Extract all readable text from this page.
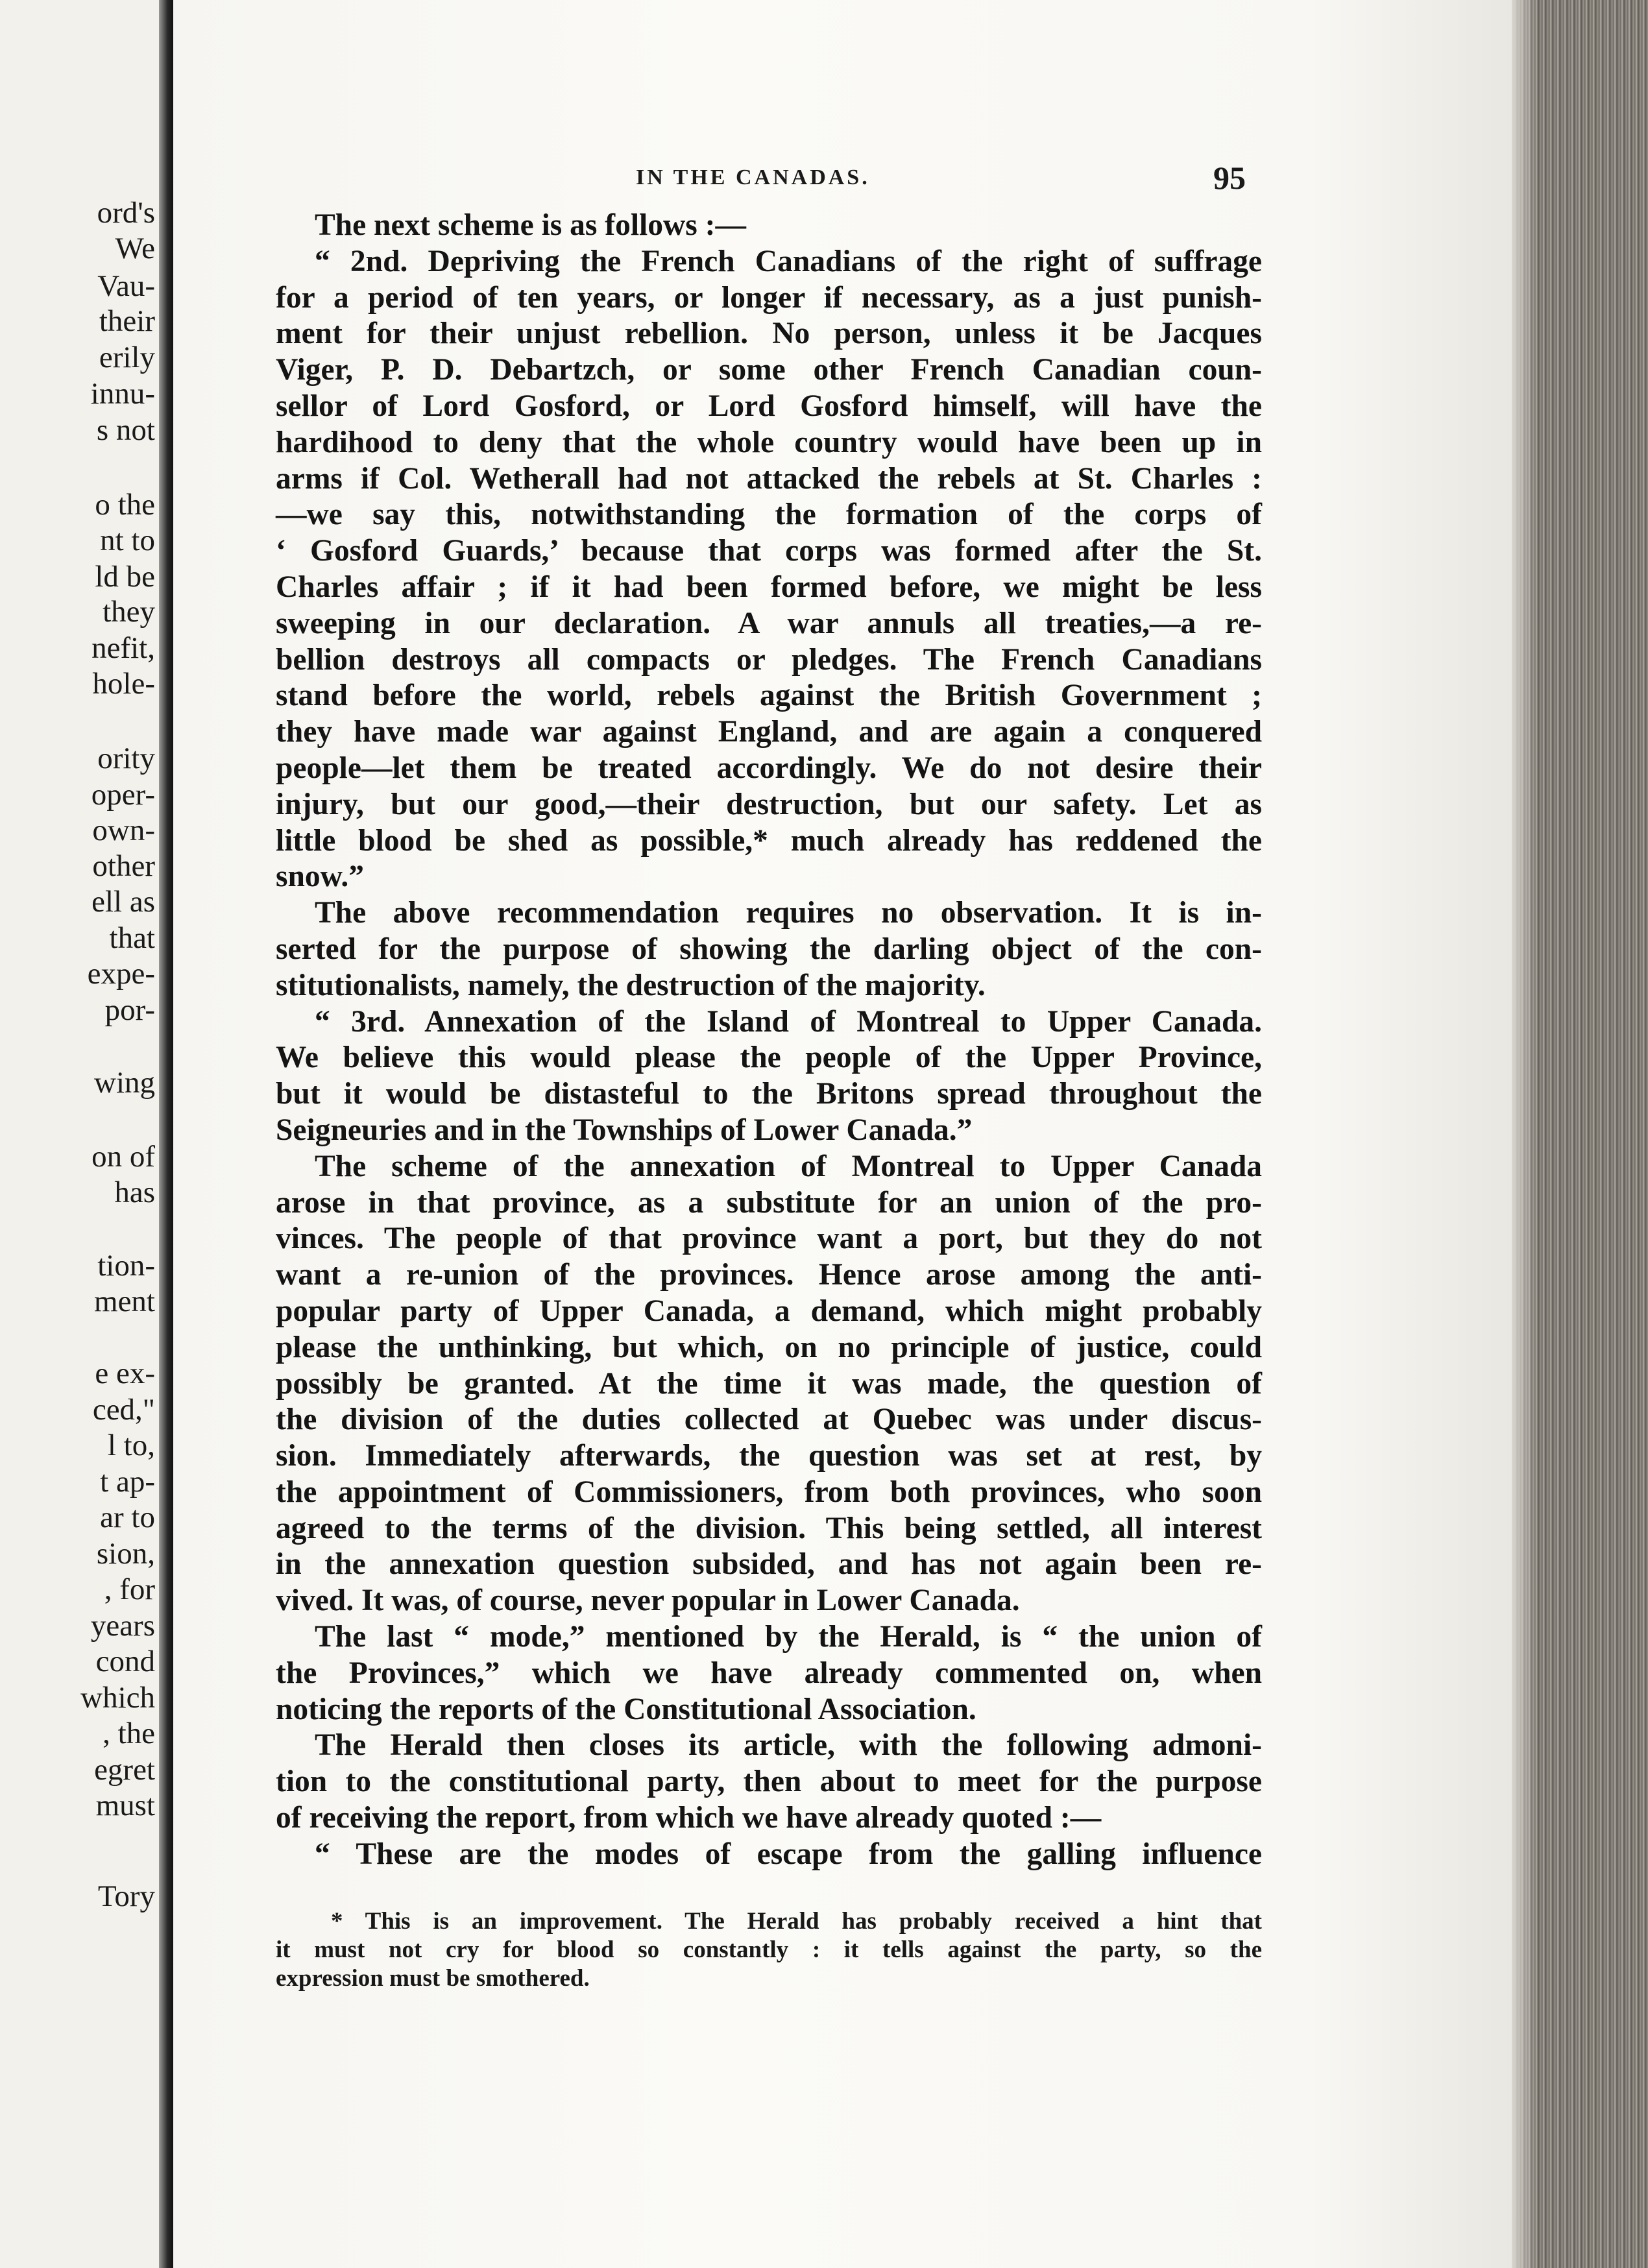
ord's
We
Vau-
their
erily
innu-
s not
o the
nt to
ld be
they
nefit,
hole-
ority
oper-
own-
other
ell as
that
expe-
por-
wing
on of
has
tion-
ment
e ex-
ced,"
l to,
t ap-
ar to
sion,
, for
years
cond
which
, the
egret
must
Tory
IN THE CANADAS.	95
The next scheme is as follows :—
“ 2nd. Depriving the French Canadians of the right of suffrage
for a period of ten years, or longer if necessary, as a just punish-
ment for their unjust rebellion. No person, unless it be Jacques
Viger, P. D. Debartzch, or some other French Canadian coun-
sellor of Lord Gosford, or Lord Gosford himself, will have the
hardihood to deny that the whole country would have been up in
arms if Col. Wetherall had not attacked the rebels at St. Charles :
—we say this, notwithstanding the formation of the corps of
‘ Gosford Guards,’ because that corps was formed after the St.
Charles affair ; if it had been formed before, we might be less
sweeping in our declaration. A war annuls all treaties,—a re-
bellion destroys all compacts or pledges. The French Canadians
stand before the world, rebels against the British Government ;
they have made war against England, and are again a conquered
people—let them be treated accordingly. We do not desire their
injury, but our good,—their destruction, but our safety. Let as
little blood be shed as possible,* much already has reddened the
snow.”
The above recommendation requires no observation. It is in-
serted for the purpose of showing the darling object of the con-
stitutionalists, namely, the destruction of the majority.
“ 3rd. Annexation of the Island of Montreal to Upper Canada.
We believe this would please the people of the Upper Province,
but it would be distasteful to the Britons spread throughout the
Seigneuries and in the Townships of Lower Canada.”
The scheme of the annexation of Montreal to Upper Canada
arose in that province, as a substitute for an union of the pro-
vinces. The people of that province want a port, but they do not
want a re-union of the provinces. Hence arose among the anti-
popular party of Upper Canada, a demand, which might probably
please the unthinking, but which, on no principle of justice, could
possibly be granted. At the time it was made, the question of
the division of the duties collected at Quebec was under discus-
sion. Immediately afterwards, the question was set at rest, by
the appointment of Commissioners, from both provinces, who soon
agreed to the terms of the division. This being settled, all interest
in the annexation question subsided, and has not again been re-
vived. It was, of course, never popular in Lower Canada.
The last “ mode,” mentioned by the Herald, is “ the union of
the Provinces,” which we have already commented on, when
noticing the reports of the Constitutional Association.
The Herald then closes its article, with the following admoni-
tion to the constitutional party, then about to meet for the purpose
of receiving the report, from which we have already quoted :—
“ These are the modes of escape from the galling influence
* This is an improvement. The Herald has probably received a hint that
it must not cry for blood so constantly : it tells against the party, so the
expression must be smothered.
